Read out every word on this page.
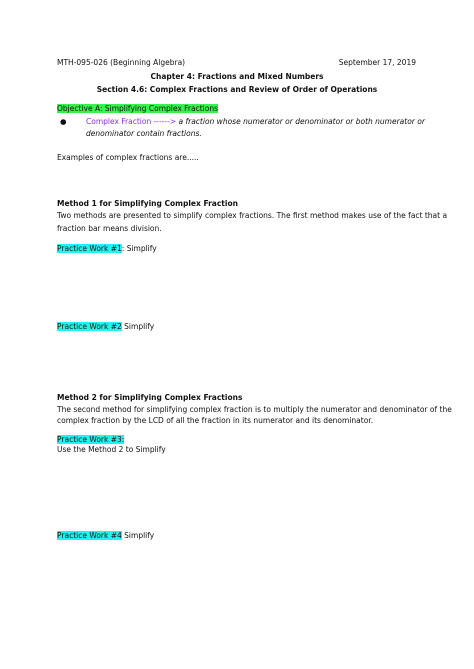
MTH-095-026 (Beginning Algebra)	September 17, 2019
Chapter 4: Fractions and Mixed Numbers
Section 4.6: Complex Fractions and Review of Order of Operations
Objective A: Simplifying Complex Fractions
●	Complex Fraction ------> a fraction whose numerator or denominator or both numerator or
denominator contain fractions.
Examples of complex fractions are.....
Method 1 for Simplifying Complex Fraction
Two methods are presented to simplify complex fractions. The first method makes use of the fact that a
fraction bar means division.
Practice Work #1: Simplify
Practice Work #2 Simplify
Method 2 for Simplifying Complex Fractions
The second method for simplifying complex fraction is to multiply the numerator and denominator of the
complex fraction by the LCD of all the fraction in its numerator and its denominator.
Practice Work #3:
Use the Method 2 to Simplify
Practice Work #4 Simplify
